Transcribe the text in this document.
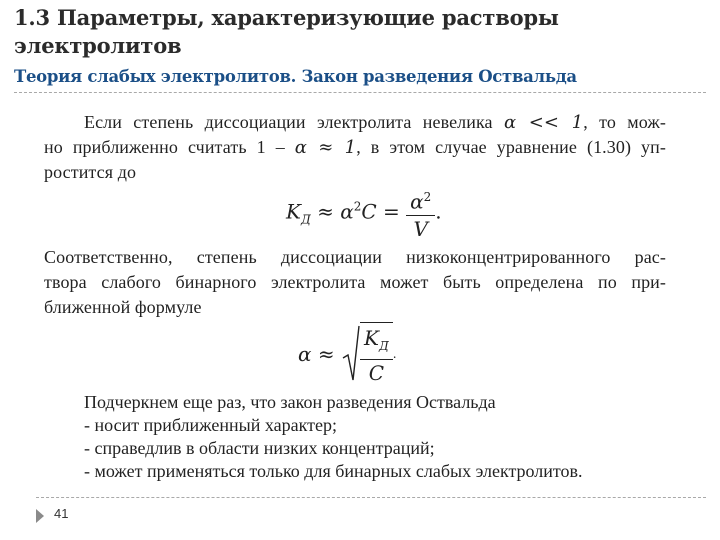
1.3 Параметры, характеризующие растворы электролитов
Теория слабых электролитов. Закон разведения Оствальда
Если степень диссоциации электролита невелика α << 1, то мож-
но приближенно считать 1 – α ≈ 1, в этом случае уравнение (1.30) уп-
ростится до
$K_Д \approx \alpha^2C = \frac{\alpha^2}{V}$ .
Соответственно, степень диссоциации низкоконцентрированного рас-
твора слабого бинарного электролита может быть определена по при-
ближенной формуле
$\alpha \approx \frac{K_Д}{C}$ .
Подчеркнем еще раз, что закон разведения Оствальда
- носит приближенный характер;
- справедлив в области низких концентраций;
- может применяться только для бинарных слабых электролитов.
41
